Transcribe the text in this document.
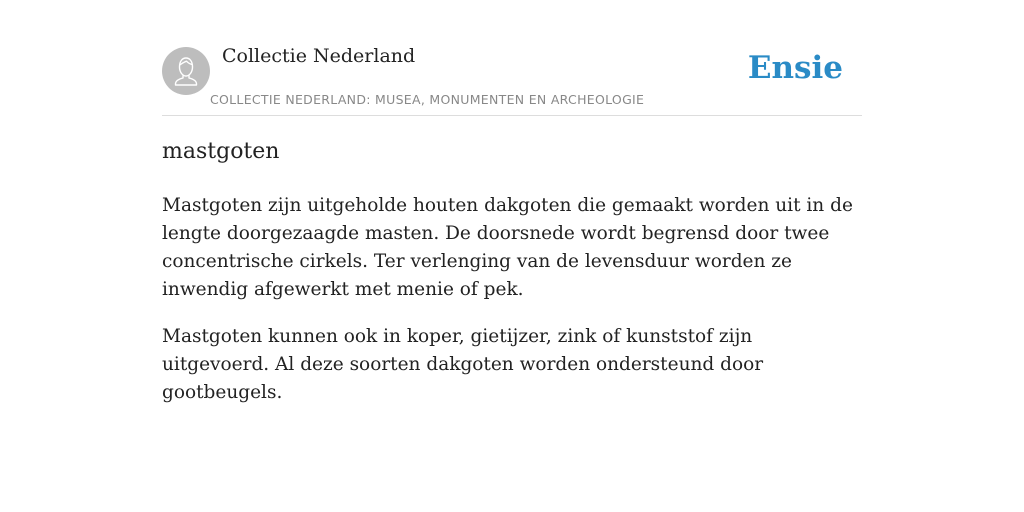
Collectie Nederland
COLLECTIE NEDERLAND: MUSEA, MONUMENTEN EN ARCHEOLOGIE
Ensie
mastgoten

Mastgoten zijn uitgeholde houten dakgoten die gemaakt worden uit in de lengte doorgezaagde masten. De doorsnede wordt begrensd door twee concentrische cirkels. Ter verlenging van de levensduur worden ze inwendig afgewerkt met menie of pek.

Mastgoten kunnen ook in koper, gietijzer, zink of kunststof zijn uitgevoerd. Al deze soorten dakgoten worden ondersteund door gootbeugels.
